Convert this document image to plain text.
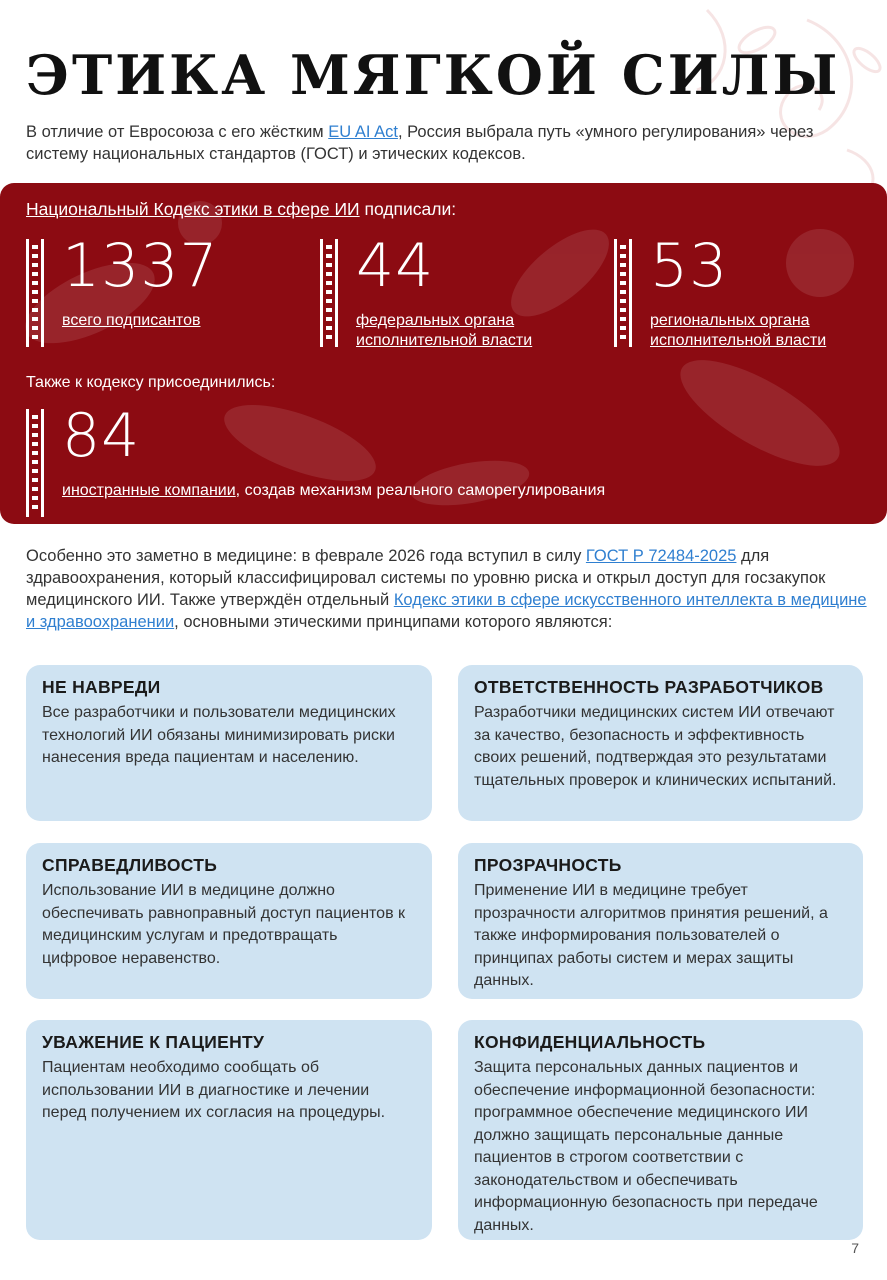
ЭТИКА МЯГКОЙ СИЛЫ
В отличие от Евросоюза с его жёстким EU AI Act, Россия выбрала путь «умного регулирования» через систему национальных стандартов (ГОСТ) и этических кодексов.
Национальный Кодекс этики в сфере ИИ подписали:
1337
всего подписантов
44
федеральных органа
исполнительной власти
53
региональных органа
исполнительной власти
Также к кодексу присоединились:
84
иностранные компании, создав механизм реального саморегулирования
Особенно это заметно в медицине: в феврале 2026 года вступил в силу ГОСТ Р 72484-2025 для здравоохранения, который классифицировал системы по уровню риска и открыл доступ для госзакупок медицинского ИИ. Также утверждён отдельный Кодекс этики в сфере искусственного интеллекта в медицине и здравоохранении, основными этическими принципами которого являются:
НЕ НАВРЕДИ

Все разработчики и пользователи медицинских технологий ИИ обязаны минимизировать риски нанесения вреда пациентам и населению.

ОТВЕТСТВЕННОСТЬ РАЗРАБОТЧИКОВ

Разработчики медицинских систем ИИ отвечают за качество, безопасность и эффективность своих решений, подтверждая это результатами тщательных проверок и клинических испытаний.

СПРАВЕДЛИВОСТЬ

Использование ИИ в медицине должно обеспечивать равноправный доступ пациентов к медицинским услугам и предотвращать цифровое неравенство.

ПРОЗРАЧНОСТЬ

Применение ИИ в медицине требует прозрачности алгоритмов принятия решений, а также информирования пользователей о принципах работы систем и мерах защиты данных.

УВАЖЕНИЕ К ПАЦИЕНТУ

Пациентам необходимо сообщать об использовании ИИ в диагностике и лечении перед получением их согласия на процедуры.

КОНФИДЕНЦИАЛЬНОСТЬ

Защита персональных данных пациентов и обеспечение информационной безопасности: программное обеспечение медицинского ИИ должно защищать персональные данные пациентов в строгом соответствии с законодательством и обеспечивать информационную безопасность при передаче данных.

7
